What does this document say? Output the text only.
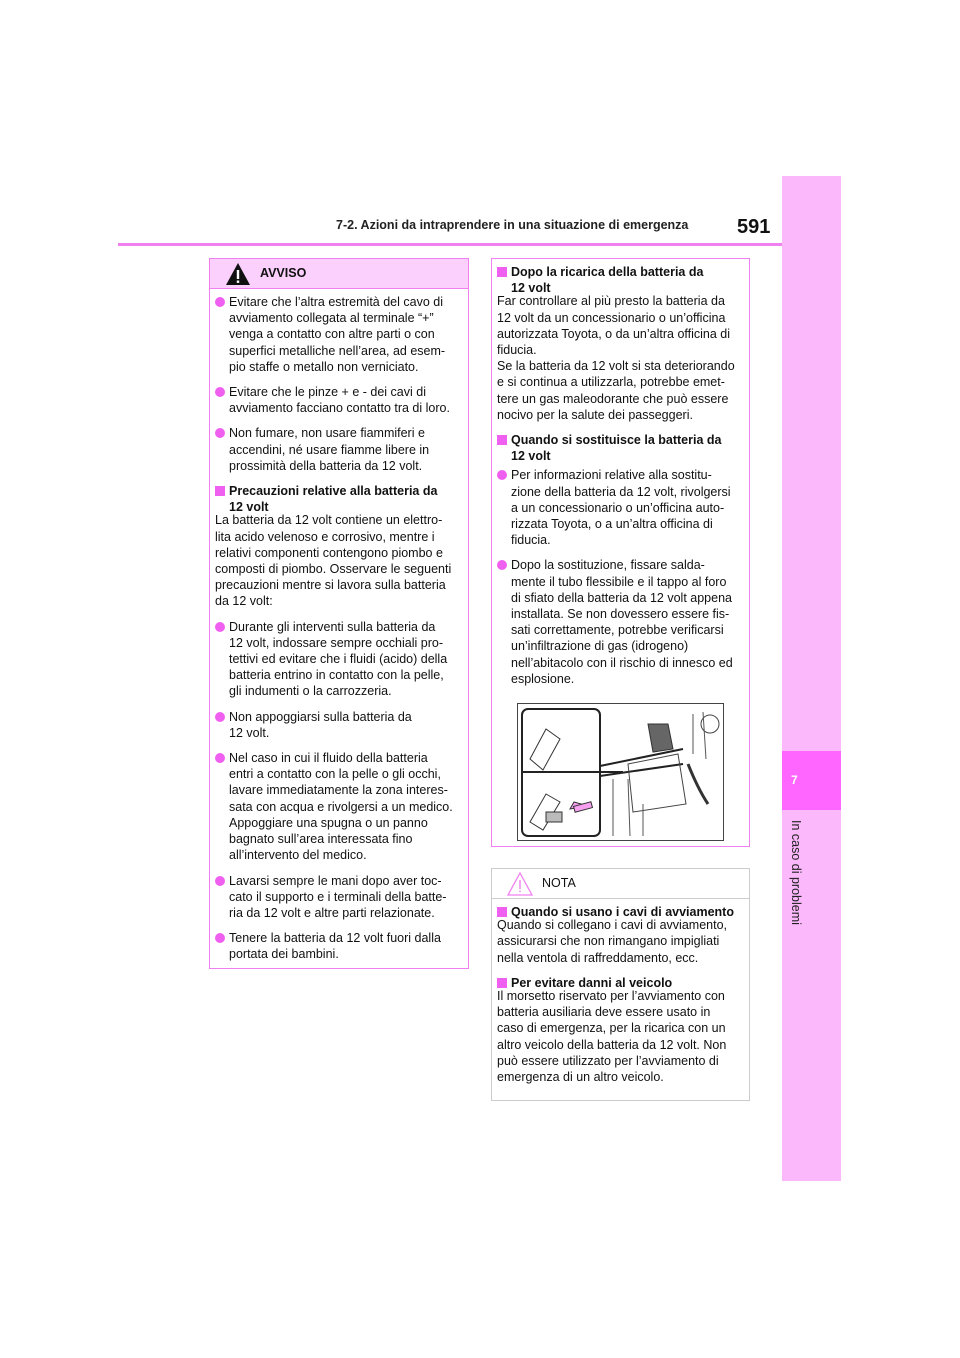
7-2. Azioni da intraprendere in una situazione di emergenza 591
7
In caso di problemi
AVVISO
Evitare che l’altra estremità del cavo di
avviamento collegata al terminale “+”
venga a contatto con altre parti o con
superfici metalliche nell’area, ad esem-
pio staffe o metallo non verniciato.
Evitare che le pinze + e - dei cavi di
avviamento facciano contatto tra di loro.
Non fumare, non usare fiammiferi e
accendini, né usare fiamme libere in
prossimità della batteria da 12 volt.
Precauzioni relative alla batteria da
12 volt
La batteria da 12 volt contiene un elettro-
lita acido velenoso e corrosivo, mentre i
relativi componenti contengono piombo e
composti di piombo. Osservare le seguenti
precauzioni mentre si lavora sulla batteria
da 12 volt:
Durante gli interventi sulla batteria da
12 volt, indossare sempre occhiali pro-
tettivi ed evitare che i fluidi (acido) della
batteria entrino in contatto con la pelle,
gli indumenti o la carrozzeria.
Non appoggiarsi sulla batteria da
12 volt.
Nel caso in cui il fluido della batteria
entri a contatto con la pelle o gli occhi,
lavare immediatamente la zona interes-
sata con acqua e rivolgersi a un medico.
Appoggiare una spugna o un panno
bagnato sull’area interessata fino
all’intervento del medico.
Lavarsi sempre le mani dopo aver toc-
cato il supporto e i terminali della batte-
ria da 12 volt e altre parti relazionate.
Tenere la batteria da 12 volt fuori dalla
portata dei bambini.
Dopo la ricarica della batteria da
12 volt
Far controllare al più presto la batteria da
12 volt da un concessionario o un’officina
autorizzata Toyota, o da un’altra officina di
fiducia.
Se la batteria da 12 volt si sta deteriorando
e si continua a utilizzarla, potrebbe emet-
tere un gas maleodorante che può essere
nocivo per la salute dei passeggeri.
Quando si sostituisce la batteria da
12 volt
Per informazioni relative alla sostitu-
zione della batteria da 12 volt, rivolgersi
a un concessionario o un’officina auto-
rizzata Toyota, o a un’altra officina di
fiducia.
Dopo la sostituzione, fissare salda-
mente il tubo flessibile e il tappo al foro
di sfiato della batteria da 12 volt appena
installata. Se non dovessero essere fis-
sati correttamente, potrebbe verificarsi
un’infiltrazione di gas (idrogeno)
nell’abitacolo con il rischio di innesco ed
esplosione.
NOTA
Quando si usano i cavi di avviamento
Quando si collegano i cavi di avviamento,
assicurarsi che non rimangano impigliati
nella ventola di raffreddamento, ecc.
Per evitare danni al veicolo
Il morsetto riservato per l’avviamento con
batteria ausiliaria deve essere usato in
caso di emergenza, per la ricarica con un
altro veicolo della batteria da 12 volt. Non
può essere utilizzato per l’avviamento di
emergenza di un altro veicolo.
